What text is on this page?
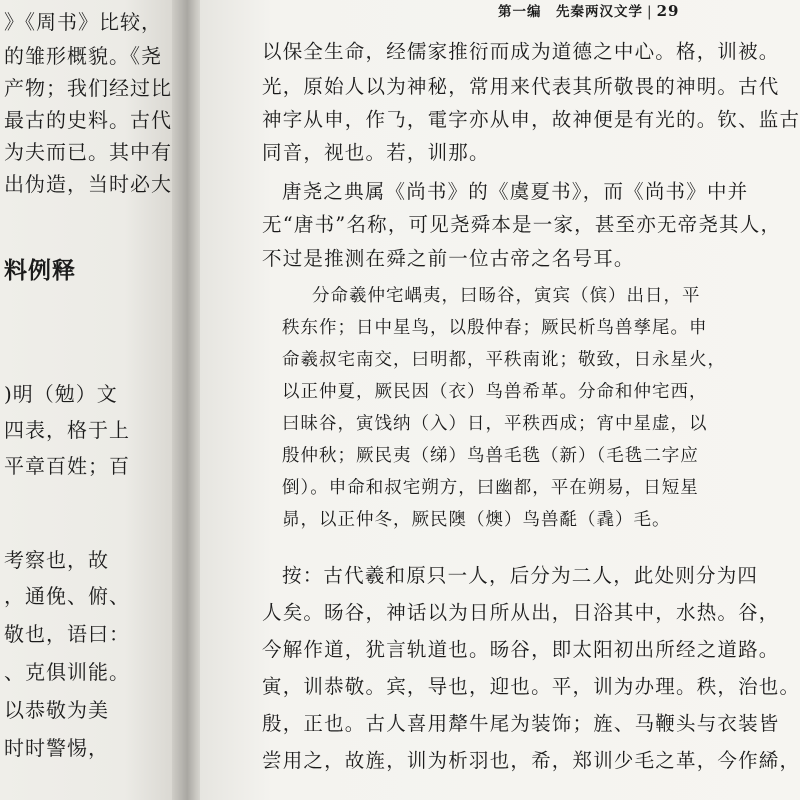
》《周书》比较，
的雏形概貌。《尧
产物；我们经过比
最古的史料。古代
为夫而已。其中有
出伪造，当时必大
料例释
)明（勉）文
四表，格于上
平章百姓；百
考察也，故
，通俛、俯、
敬也，语曰：
、克俱训能。
以恭敬为美
时时警惕，
第一编　先秦两汉文学 | 29
以保全生命，经儒家推衍而成为道德之中心。格，训被。
光，原始人以为神秘，常用来代表其所敬畏的神明。古代
神字从申，作𠄎，電字亦从申，故神便是有光的。钦、监古
同音，视也。若，训那。
唐尧之典属《尚书》的《虞夏书》，而《尚书》中并
无“唐书”名称，可见尧舜本是一家，甚至亦无帝尧其人，
不过是推测在舜之前一位古帝之名号耳。
分命羲仲宅嵎夷，曰旸谷，寅宾（傧）出日，平
秩东作；日中星鸟，以殷仲春；厥民析鸟兽孳尾。申
命羲叔宅南交，曰明都，平秩南讹；敬致，日永星火，
以正仲夏，厥民因（衣）鸟兽希革。分命和仲宅西，
曰昧谷，寅饯纳（入）日，平秩西成；宵中星虚，以
殷仲秋；厥民夷（绨）鸟兽毛毨（新）（毛毨二字应
倒）。申命和叔宅朔方，曰幽都，平在朔易，日短星
昴，以正仲冬，厥民隩（燠）鸟兽氄（毳）毛。
按：古代羲和原只一人，后分为二人，此处则分为四
人矣。旸谷，神话以为日所从出，日浴其中，水热。谷，
今解作道，犹言轨道也。旸谷，即太阳初出所经之道路。
寅，训恭敬。宾，导也，迎也。平，训为办理。秩，治也。
殷，正也。古人喜用犛牛尾为装饰；旌、马鞭头与衣装皆
尝用之，故旌，训为析羽也，希，郑训少毛之革，今作絺，
